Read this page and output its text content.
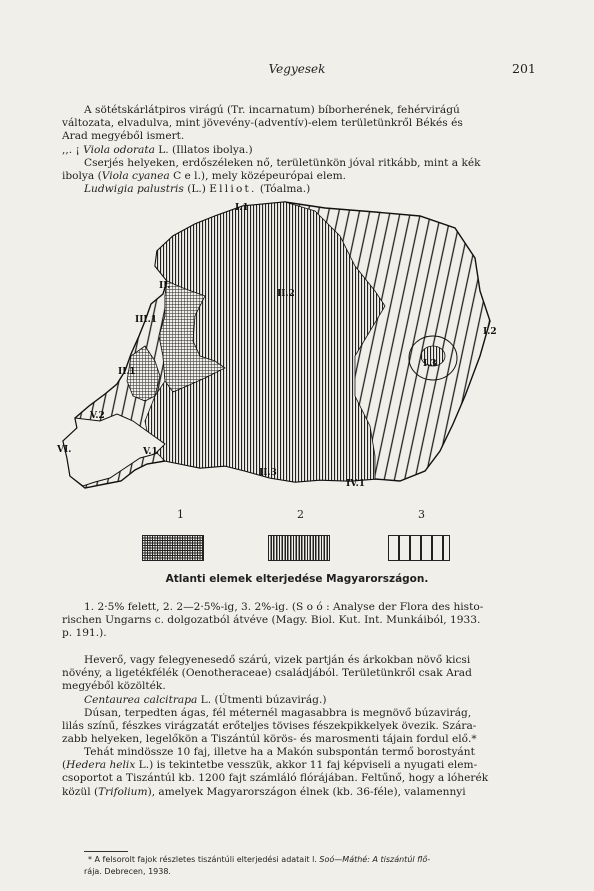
Vegyesek	201

A sötétskárlátpiros virágú (Tr. incarnatum) bíborherének, fehérvirágú

változata, elvadulva, mint jövevény-(adventív)-elem területünkről Békés és

Arad megyéből ismert.

,,. ¡ Viola odorata L. (Illatos ibolya.)

Cserjés helyeken, erdőszéleken nő, területünkön jóval ritkább, mint a kék

ibolya (Viola cyanea C e l.), mely középeurópai elem.

Ludwigia palustris (L.) Elliot. (Tóalma.)

I.1
II.
II.2
III.1
II.1
I.2
I.3
V.2
VI.	V.1
II.3
IV.1
1	2	3
Atlanti elemek elterjedése Magyarországon.

1. 2·5% felett, 2. 2—2·5%-ig, 3. 2%-ig. (S o ó : Analyse der Flora des histo-

rischen Ungarns c. dolgozatból átvéve (Magy. Biol. Kut. Int. Munkáiból, 1933.

p. 191.).

Heverő, vagy felegyenesedő szárú, vizek partján és árkokban növő kicsi

növény, a ligetékfélék (Oenotheraceae) családjából. Területünkről csak Arad

megyéből közölték.

Centaurea calcitrapa L. (Útmenti búzavirág.)

Dúsan, terpedten ágas, fél méternél magasabbra is megnövő búzavirág,

lilás színű, fészkes virágzatát erőteljes tövises fészekpikkelyek övezik. Szára-

zabb helyeken, legelőkön a Tiszántúl körös- és marosmenti tájain fordul elő.*

Tehát mindössze 10 faj, illetve ha a Makón subspontán termő borostyánt

(Hedera helix L.) is tekintetbe vesszük, akkor 11 faj képviseli a nyugati elem-

csoportot a Tiszántúl kb. 1200 fajt számláló flórájában. Feltűnő, hogy a lóherék

közül (Trifolium), amelyek Magyarországon élnek (kb. 36-féle), valamennyi

* A felsorolt fajok részletes tiszántúli elterjedési adatait l. Soó—Máthé: A tiszántúl flő-

rája. Debrecen, 1938.
